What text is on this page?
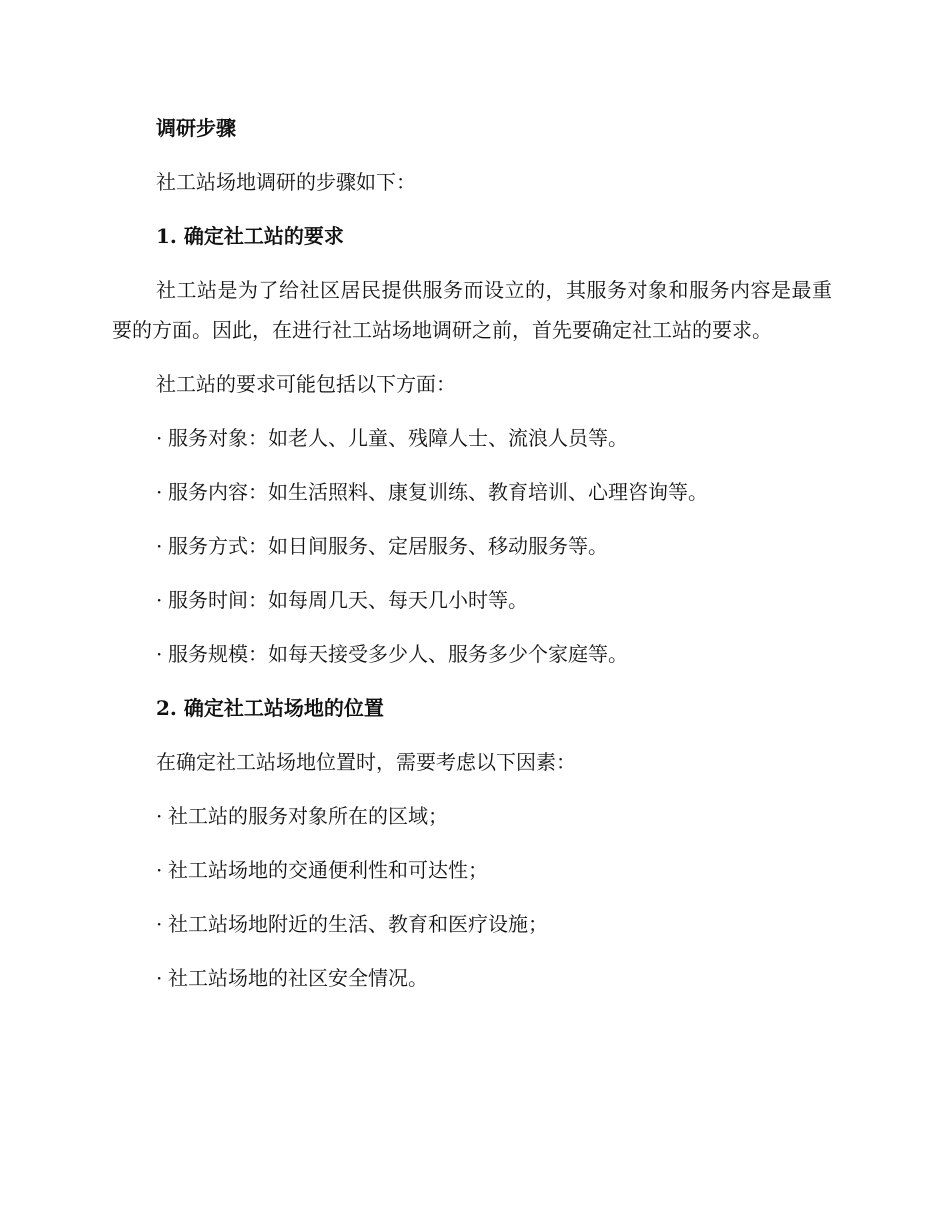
调研步骤

社工站场地调研的步骤如下：

1. 确定社工站的要求

社工站是为了给社区居民提供服务而设立的，其服务对象和服务内容是最重要的方面。因此，在进行社工站场地调研之前，首先要确定社工站的要求。

社工站的要求可能包括以下方面：

· 服务对象：如老人、儿童、残障人士、流浪人员等。
· 服务内容：如生活照料、康复训练、教育培训、心理咨询等。
· 服务方式：如日间服务、定居服务、移动服务等。
· 服务时间：如每周几天、每天几小时等。
· 服务规模：如每天接受多少人、服务多少个家庭等。

2. 确定社工站场地的位置

在确定社工站场地位置时，需要考虑以下因素：

· 社工站的服务对象所在的区域；
· 社工站场地的交通便利性和可达性；
· 社工站场地附近的生活、教育和医疗设施；
· 社工站场地的社区安全情况。
